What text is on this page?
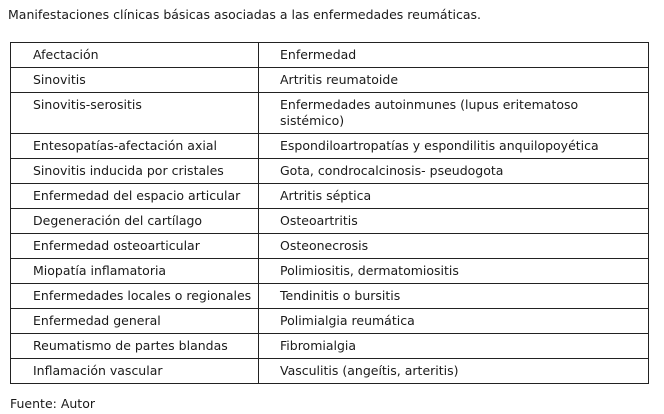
Manifestaciones clínicas básicas asociadas a las enfermedades reumáticas.
Afectación	Enfermedad
Sinovitis	Artritis reumatoide
Sinovitis-serositis	Enfermedades autoinmunes (lupus eritematoso sistémico)
Entesopatías-afectación axial	Espondiloartropatías y espondilitis anquilopoyética
Sinovitis inducida por cristales	Gota, condrocalcinosis- pseudogota
Enfermedad del espacio articular	Artritis séptica
Degeneración del cartílago	Osteoartritis
Enfermedad osteoarticular	Osteonecrosis
Miopatía inflamatoria	Polimiositis, dermatomiositis
Enfermedades locales o regionales	Tendinitis o bursitis
Enfermedad general	Polimialgia reumática
Reumatismo de partes blandas	Fibromialgia
Inflamación vascular	Vasculitis (angeítis, arteritis)
Fuente: Autor
